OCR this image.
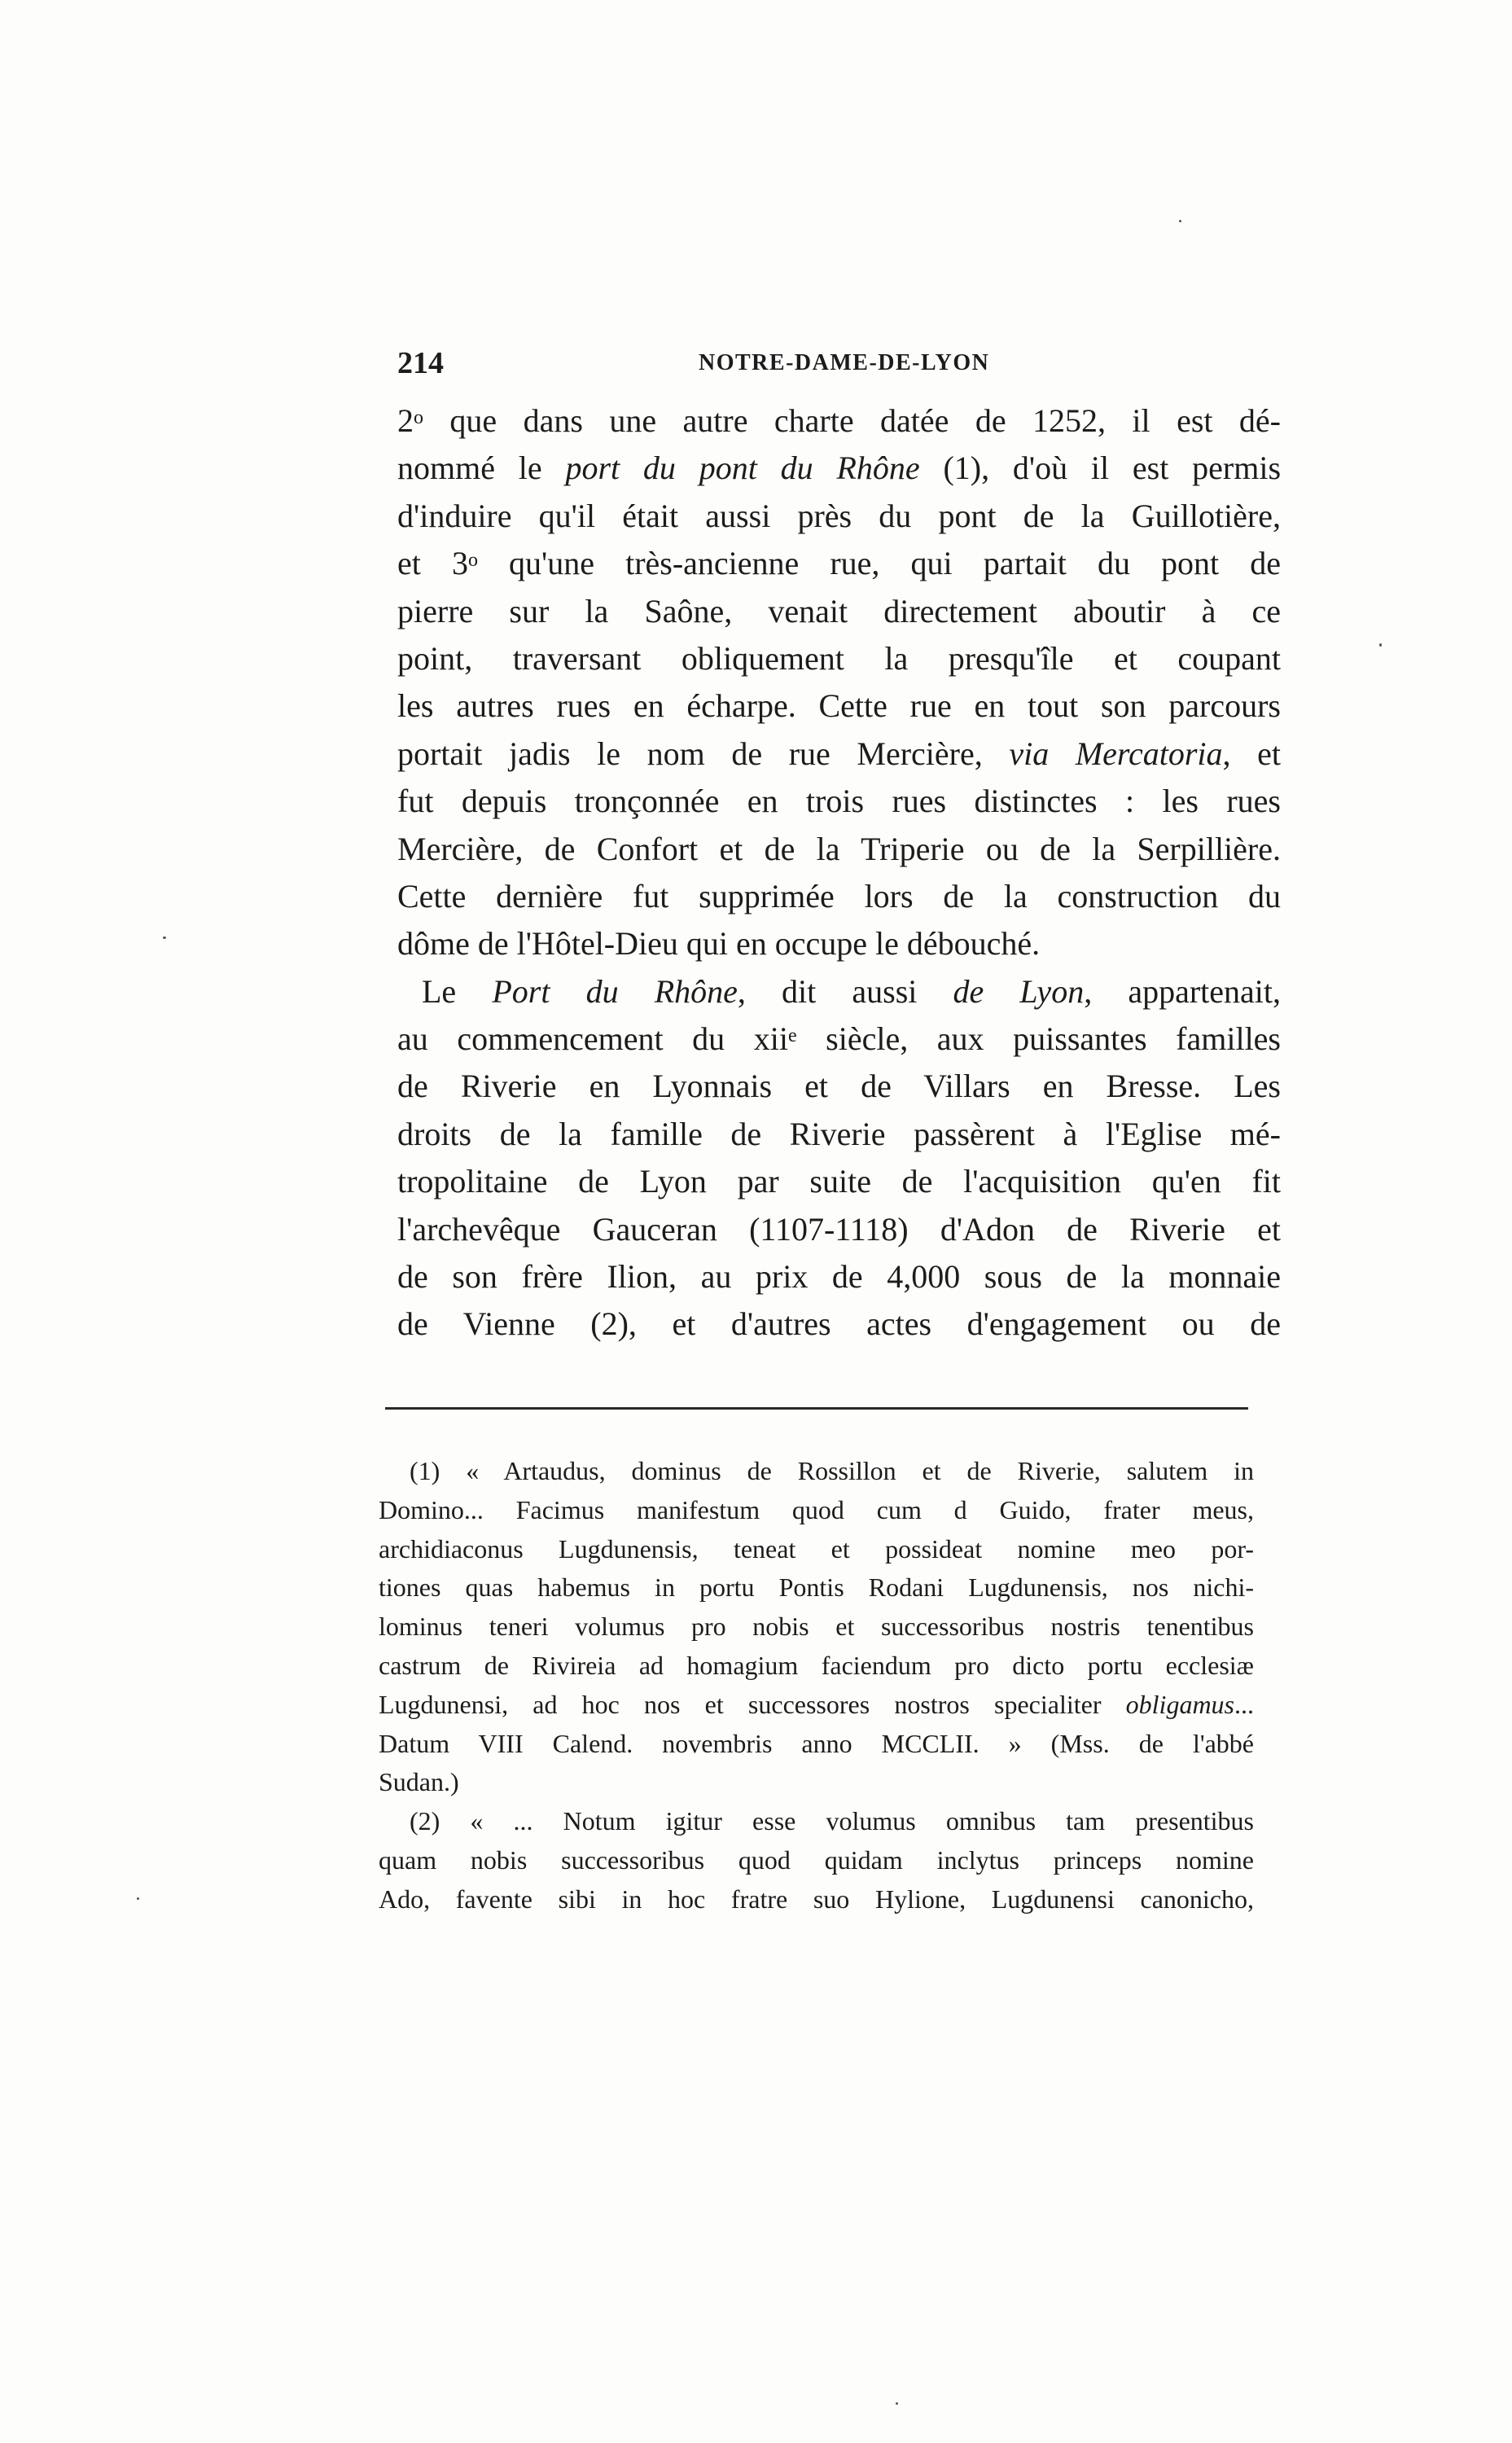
214	NOTRE-DAME-DE-LYON
2$^o$ que dans une autre charte datée de 1252, il est dé-
nommé le port du pont du Rhône (1), d'où il est permis
d'induire qu'il était aussi près du pont de la Guillotière,
et 3$^o$ qu'une très-ancienne rue, qui partait du pont de
pierre sur la Saône, venait directement aboutir à ce
point, traversant obliquement la presqu'île et coupant
les autres rues en écharpe. Cette rue en tout son parcours
portait jadis le nom de rue Mercière, via Mercatoria, et
fut depuis tronçonnée en trois rues distinctes : les rues
Mercière, de Confort et de la Triperie ou de la Serpillière.
Cette dernière fut supprimée lors de la construction du
dôme de l'Hôtel-Dieu qui en occupe le débouché.
Le Port du Rhône, dit aussi de Lyon, appartenait,
au commencement du xii$^e$ siècle, aux puissantes familles
de Riverie en Lyonnais et de Villars en Bresse. Les
droits de la famille de Riverie passèrent à l'Eglise mé-
tropolitaine de Lyon par suite de l'acquisition qu'en fit
l'archevêque Gauceran (1107-1118) d'Adon de Riverie et
de son frère Ilion, au prix de 4,000 sous de la monnaie
de Vienne (2), et d'autres actes d'engagement ou de
(1) « Artaudus, dominus de Rossillon et de Riverie, salutem in
Domino... Facimus manifestum quod cum d Guido, frater meus,
archidiaconus Lugdunensis, teneat et possideat nomine meo por-
tiones quas habemus in portu Pontis Rodani Lugdunensis, nos nichi-
lominus teneri volumus pro nobis et successoribus nostris tenentibus
castrum de Rivireia ad homagium faciendum pro dicto portu ecclesiæ
Lugdunensi, ad hoc nos et successores nostros specialiter obligamus...
Datum VIII Calend. novembris anno MCCLII. » (Mss. de l'abbé
Sudan.)
(2) « ... Notum igitur esse volumus omnibus tam presentibus
quam nobis successoribus quod quidam inclytus princeps nomine
Ado, favente sibi in hoc fratre suo Hylione, Lugdunensi canonicho,
